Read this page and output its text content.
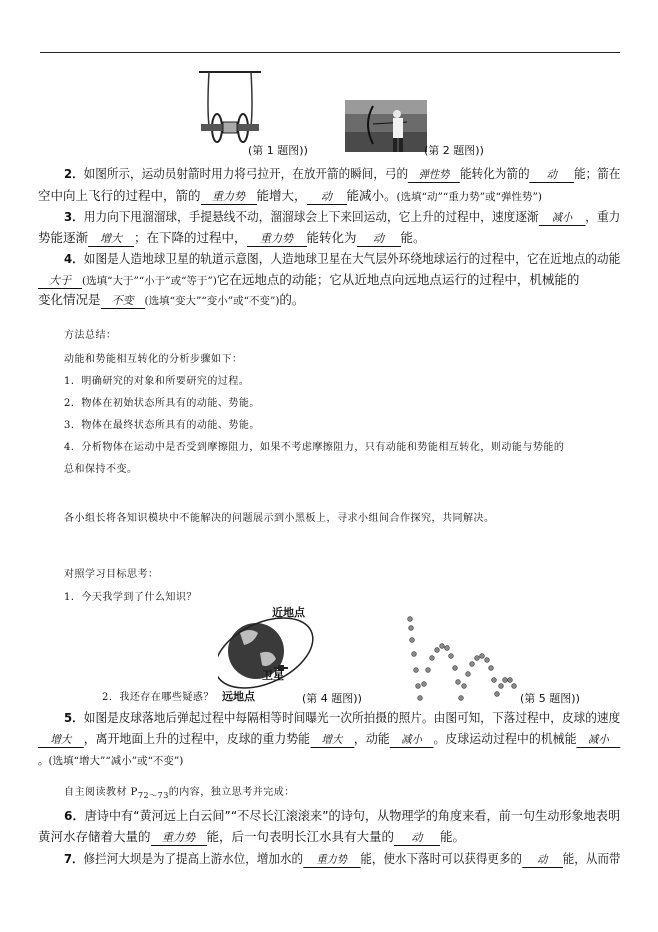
(第 1 题图))	(第 2 题图))
2．如图所示，运动员射箭时用力将弓拉开，在放开箭的瞬间，弓的 弹性势 能转化为箭的 动 能；箭在
空中向上飞行的过程中，箭的 重力势 能增大， 动 能减小。(选填“动”“重力势”或“弹性势”)
3．用力向下甩溜溜球，手提悬线不动，溜溜球会上下来回运动，它上升的过程中，速度逐渐 减小 ，重力
势能逐渐 增大 ；在下降的过程中， 重力势 能转化为 动 能。
4．如图是人造地球卫星的轨道示意图，人造地球卫星在大气层外环绕地球运行的过程中，它在近地点的动能
大于 (选填“大于”“小于”或“等于”)它在远地点的动能；它从近地点向远地点运行的过程中，机械能的
变化情况是 不变 (选填“变大”“变小”或“不变”)的。
方法总结：
动能和势能相互转化的分析步骤如下：
1．明确研究的对象和所要研究的过程。
2．物体在初始状态所具有的动能、势能。
3．物体在最终状态所具有的动能、势能。
4．分析物体在运动中是否受到摩擦阻力，如果不考虑摩擦阻力，只有动能和势能相互转化，则动能与势能的
总和保持不变。
各小组长将各知识模块中不能解决的问题展示到小黑板上，寻求小组间合作探究，共同解决。
对照学习目标思考：
1．今天我学到了什么知识？
2．我还存在哪些疑惑？
近地点
卫星
远地点	(第 4 题图))	(第 5 题图))
5．如图是皮球落地后弹起过程中每隔相等时间曝光一次所拍摄的照片。由图可知，下落过程中，皮球的速度
增大 ，离开地面上升的过程中，皮球的重力势能 增大 ，动能 减小 。皮球运动过程中的机械能 减小
。(选填“增大”“减小”或“不变”)
自主阅读教材 $P_{72\sim 73}$的内容，独立思考并完成：
6．唐诗中有“黄河远上白云间”“不尽长江滚滚来”的诗句，从物理学的角度来看，前一句生动形象地表明
黄河水存储着大量的 重力势 能，后一句表明长江水具有大量的 动 能。
7．修拦河大坝是为了提高上游水位，增加水的 重力势 能，使水下落时可以获得更多的 动 能，从而带
